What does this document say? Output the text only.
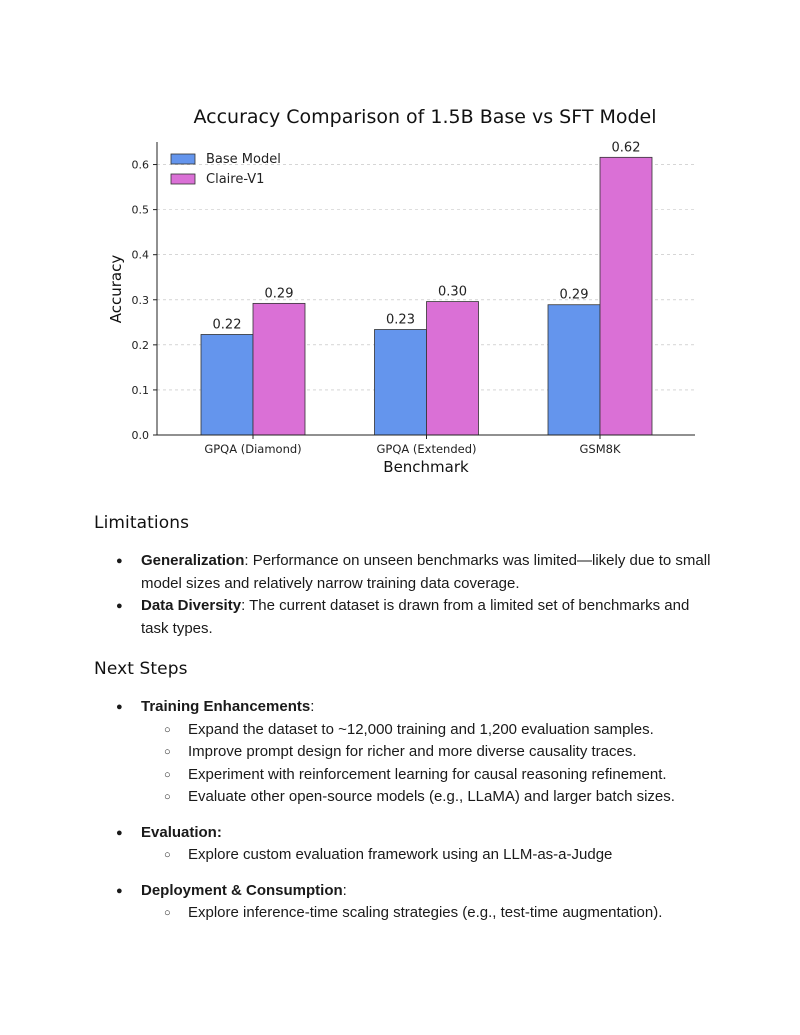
Accuracy Comparison of 1.5B Base vs SFT Model
0.0
0.1
0.2
0.3
0.4
0.5
0.6
0.22
0.29
0.23
0.30	0.29
0.62
GPQA (Diamond)	GPQA (Extended)	GSM8K
Benchmark
Accuracy
Base Model
Claire-V1
Limitations
● Generalization: Performance on unseen benchmarks was limited—likely due to small model sizes and relatively narrow training data coverage.
● Data Diversity: The current dataset is drawn from a limited set of benchmarks and task types.
Next Steps
● Training Enhancements:
○ Expand the dataset to ~12,000 training and 1,200 evaluation samples.
○ Improve prompt design for richer and more diverse causality traces.
○ Experiment with reinforcement learning for causal reasoning refinement.
○ Evaluate other open-source models (e.g., LLaMA) and larger batch sizes.
● Evaluation:
○ Explore custom evaluation framework using an LLM-as-a-Judge
● Deployment & Consumption:
○ Explore inference-time scaling strategies (e.g., test-time augmentation).
